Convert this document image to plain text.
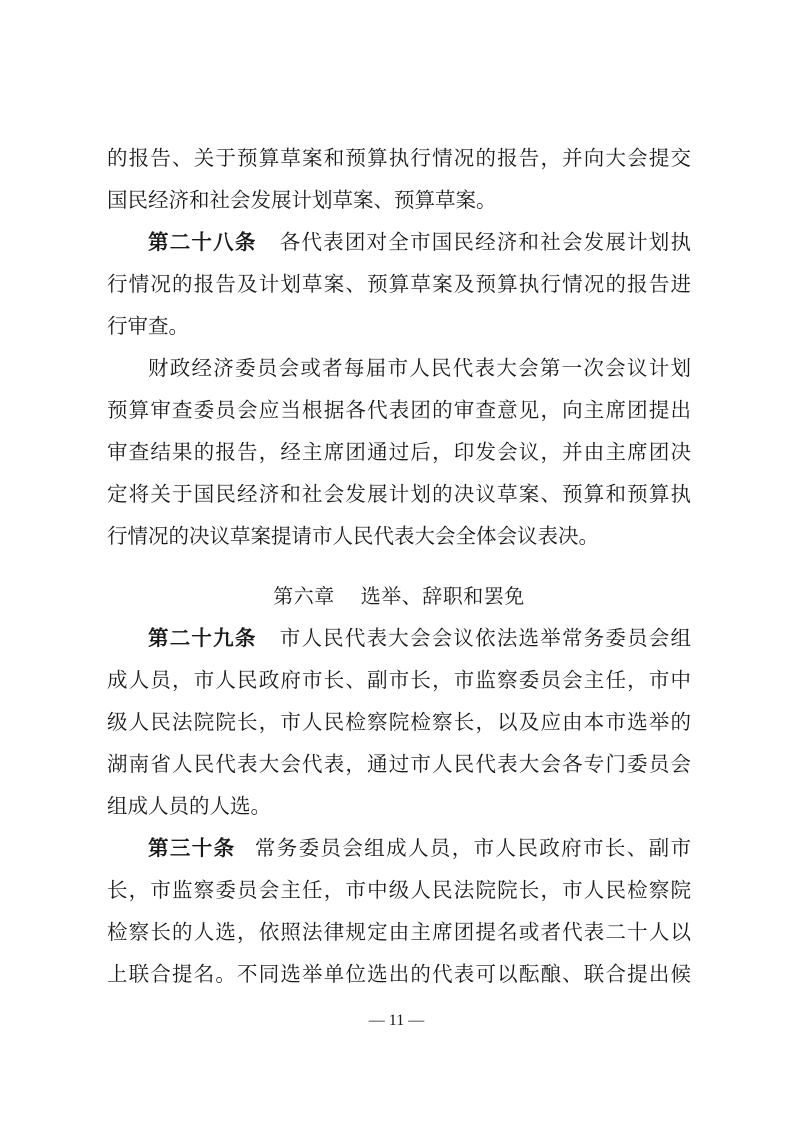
的报告、关于预算草案和预算执行情况的报告，并向大会提交
国民经济和社会发展计划草案、预算草案。
第二十八条 各代表团对全市国民经济和社会发展计划执
行情况的报告及计划草案、预算草案及预算执行情况的报告进
行审查。
财政经济委员会或者每届市人民代表大会第一次会议计划
预算审查委员会应当根据各代表团的审查意见，向主席团提出
审查结果的报告，经主席团通过后，印发会议，并由主席团决
定将关于国民经济和社会发展计划的决议草案、预算和预算执
行情况的决议草案提请市人民代表大会全体会议表决。
第六章 选举、辞职和罢免
第二十九条 市人民代表大会会议依法选举常务委员会组
成人员，市人民政府市长、副市长，市监察委员会主任，市中
级人民法院院长，市人民检察院检察长，以及应由本市选举的
湖南省人民代表大会代表，通过市人民代表大会各专门委员会
组成人员的人选。
第三十条 常务委员会组成人员，市人民政府市长、副市
长，市监察委员会主任，市中级人民法院院长，市人民检察院
检察长的人选，依照法律规定由主席团提名或者代表二十人以
上联合提名。不同选举单位选出的代表可以酝酿、联合提出候
— 11 —
